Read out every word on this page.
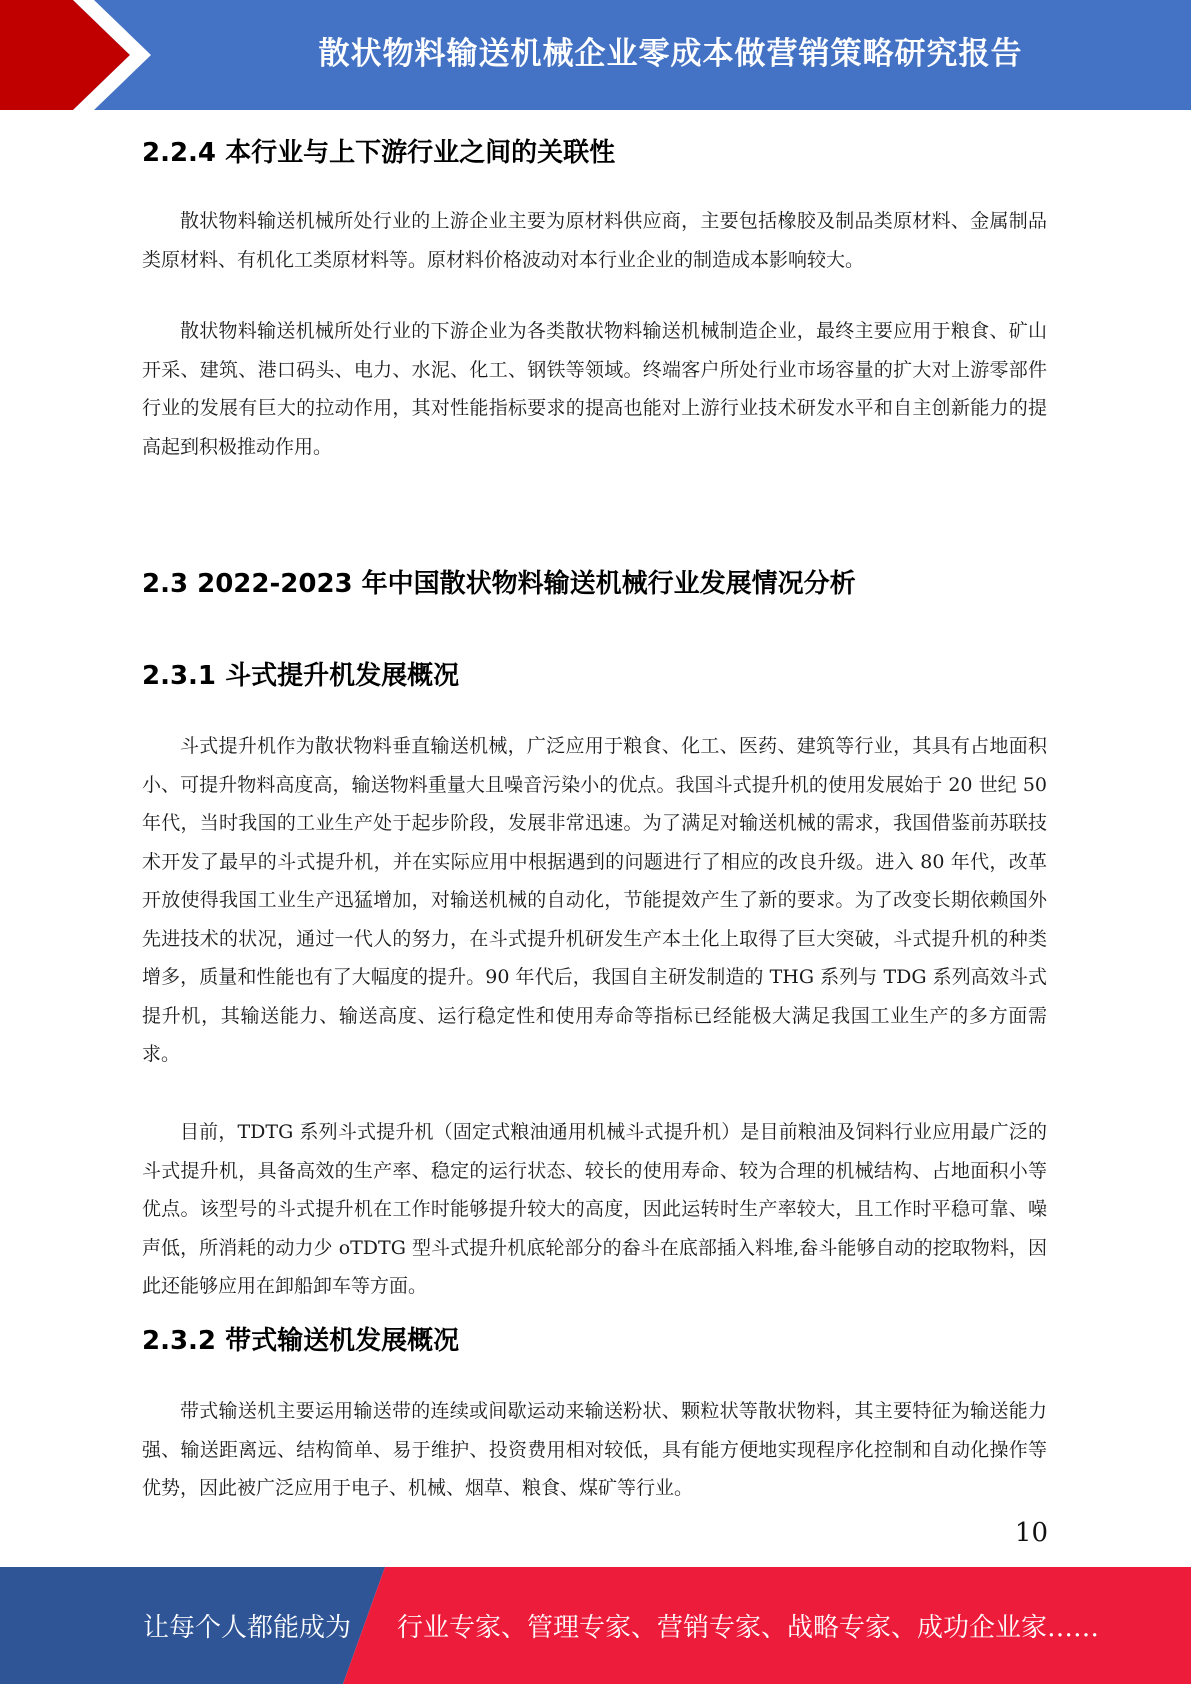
散状物料输送机械企业零成本做营销策略研究报告
2.2.4 本行业与上下游行业之间的关联性

散状物料输送机械所处行业的上游企业主要为原材料供应商，主要包括橡胶及制品类原材料、金属制品类原材料、有机化工类原材料等。原材料价格波动对本行业企业的制造成本影响较大。

散状物料输送机械所处行业的下游企业为各类散状物料输送机械制造企业，最终主要应用于粮食、矿山开采、建筑、港口码头、电力、水泥、化工、钢铁等领域。终端客户所处行业市场容量的扩大对上游零部件行业的发展有巨大的拉动作用，其对性能指标要求的提高也能对上游行业技术研发水平和自主创新能力的提高起到积极推动作用。

2.3 2022-2023 年中国散状物料输送机械行业发展情况分析
2.3.1 斗式提升机发展概况

斗式提升机作为散状物料垂直输送机械，广泛应用于粮食、化工、医药、建筑等行业，其具有占地面积小、可提升物料高度高，输送物料重量大且噪音污染小的优点。我国斗式提升机的使用发展始于 20 世纪 50 年代，当时我国的工业生产处于起步阶段，发展非常迅速。为了满足对输送机械的需求，我国借鉴前苏联技术开发了最早的斗式提升机，并在实际应用中根据遇到的问题进行了相应的改良升级。进入 80 年代，改革开放使得我国工业生产迅猛增加，对输送机械的自动化，节能提效产生了新的要求。为了改变长期依赖国外先进技术的状况，通过一代人的努力，在斗式提升机研发生产本土化上取得了巨大突破，斗式提升机的种类增多，质量和性能也有了大幅度的提升。90 年代后，我国自主研发制造的 THG 系列与 TDG 系列高效斗式提升机，其输送能力、输送高度、运行稳定性和使用寿命等指标已经能极大满足我国工业生产的多方面需求。

目前，TDTG 系列斗式提升机（固定式粮油通用机械斗式提升机）是目前粮油及饲料行业应用最广泛的斗式提升机，具备高效的生产率、稳定的运行状态、较长的使用寿命、较为合理的机械结构、占地面积小等优点。该型号的斗式提升机在工作时能够提升较大的高度，因此运转时生产率较大，且工作时平稳可靠、噪声低，所消耗的动力少 oTDTG 型斗式提升机底轮部分的畚斗在底部插入料堆,畚斗能够自动的挖取物料，因此还能够应用在卸船卸车等方面。

2.3.2 带式输送机发展概况

带式输送机主要运用输送带的连续或间歇运动来输送粉状、颗粒状等散状物料，其主要特征为输送能力强、输送距离远、结构简单、易于维护、投资费用相对较低，具有能方便地实现程序化控制和自动化操作等优势，因此被广泛应用于电子、机械、烟草、粮食、煤矿等行业。

10
让每个人都能成为 行业专家、管理专家、营销专家、战略专家、成功企业家……
